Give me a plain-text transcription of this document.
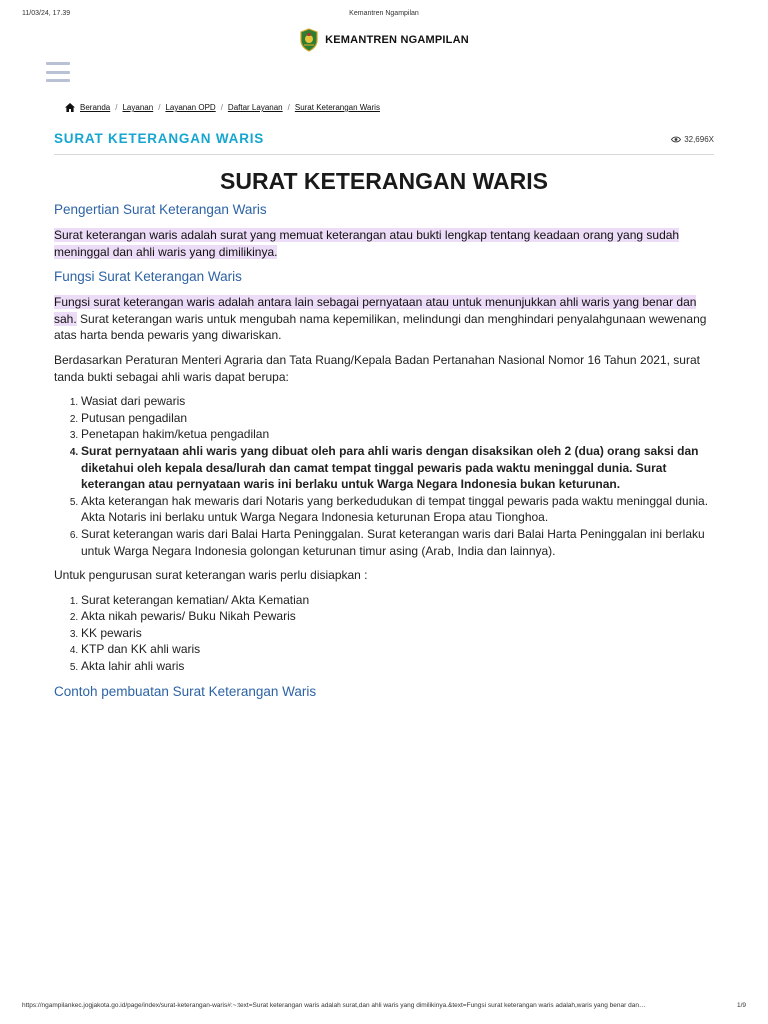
11/03/24, 17.39	Kemantren Ngampilan
KEMANTREN NGAMPILAN
Beranda / Layanan / Layanan OPD / Daftar Layanan / Surat Keterangan Waris
SURAT KETERANGAN WARIS	32,696X
SURAT KETERANGAN WARIS
Pengertian Surat Keterangan Waris

Surat keterangan waris adalah surat yang memuat keterangan atau bukti lengkap tentang keadaan orang yang sudah meninggal dan ahli waris yang dimilikinya.

Fungsi Surat Keterangan Waris

Fungsi surat keterangan waris adalah antara lain sebagai pernyataan atau untuk menunjukkan ahli waris yang benar dan sah. Surat keterangan waris untuk mengubah nama kepemilikan, melindungi dan menghindari penyalahgunaan wewenang atas harta benda pewaris yang diwariskan.

Berdasarkan Peraturan Menteri Agraria dan Tata Ruang/Kepala Badan Pertanahan Nasional Nomor 16 Tahun 2021, surat tanda bukti sebagai ahli waris dapat berupa:

1. Wasiat dari pewaris
2. Putusan pengadilan
3. Penetapan hakim/ketua pengadilan
4. Surat pernyataan ahli waris yang dibuat oleh para ahli waris dengan disaksikan oleh 2 (dua) orang saksi dan diketahui oleh kepala desa/lurah dan camat tempat tinggal pewaris pada waktu meninggal dunia. Surat keterangan atau pernyataan waris ini berlaku untuk Warga Negara Indonesia bukan keturunan.
5. Akta keterangan hak mewaris dari Notaris yang berkedudukan di tempat tinggal pewaris pada waktu meninggal dunia. Akta Notaris ini berlaku untuk Warga Negara Indonesia keturunan Eropa atau Tionghoa.
6. Surat keterangan waris dari Balai Harta Peninggalan. Surat keterangan waris dari Balai Harta Peninggalan ini berlaku untuk Warga Negara Indonesia golongan keturunan timur asing (Arab, India dan lainnya).

Untuk pengurusan surat keterangan waris perlu disiapkan :

1. Surat keterangan kematian/ Akta Kematian
2. Akta nikah pewaris/ Buku Nikah Pewaris
3. KK pewaris
4. KTP dan KK ahli waris
5. Akta lahir ahli waris
Contoh pembuatan Surat Keterangan Waris
https://ngampilankec.jogjakota.go.id/page/index/surat-keterangan-waris#:~:text=Surat keterangan waris adalah surat,dan ahli waris yang dimilikinya.&text=Fungsi surat keterangan waris adalah,waris yang benar dan…	1/9
